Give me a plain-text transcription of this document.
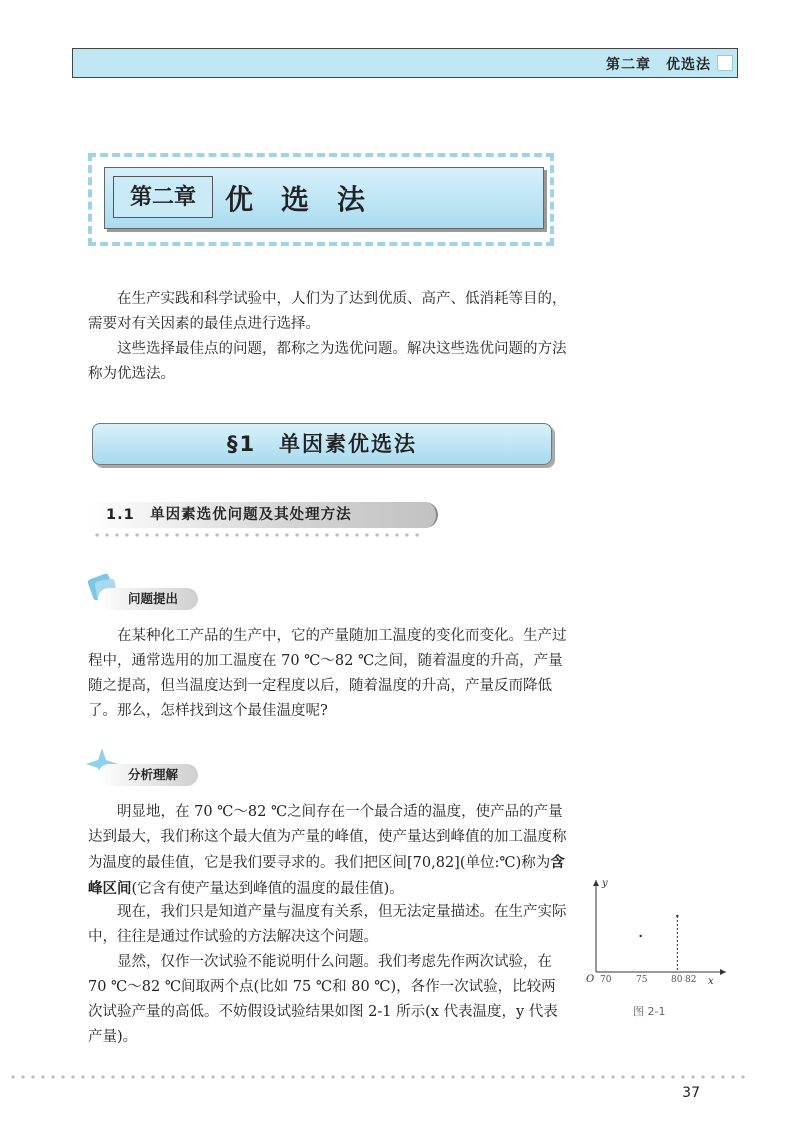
第二章　优选法
第二章	优选法

在生产实践和科学试验中，人们为了达到优质、高产、低消耗等目的，需要对有关因素的最佳点进行选择。

这些选择最佳点的问题，都称之为选优问题。解决这些选优问题的方法称为优选法。

§1　单因素优选法
1.1　单因素选优问题及其处理方法
问题提出

在某种化工产品的生产中，它的产量随加工温度的变化而变化。生产过程中，通常选用的加工温度在 70 ℃～82 ℃之间，随着温度的升高，产量随之提高，但当温度达到一定程度以后，随着温度的升高，产量反而降低了。那么，怎样找到这个最佳温度呢?

分析理解

明显地，在 70 ℃～82 ℃之间存在一个最合适的温度，使产品的产量达到最大，我们称这个最大值为产量的峰值，使产量达到峰值的加工温度称为温度的最佳值，它是我们要寻求的。我们把区间[70,82](单位:℃)称为含峰区间(它含有使产量达到峰值的温度的最佳值)。

现在，我们只是知道产量与温度有关系，但无法定量描述。在生产实际中，往往是通过作试验的方法解决这个问题。

显然，仅作一次试验不能说明什么问题。我们考虑先作两次试验，在 70 ℃～82 ℃间取两个点(比如 75 ℃和 80 ℃)，各作一次试验，比较两次试验产量的高低。不妨假设试验结果如图 2-1 所示(x 代表温度，y 代表产量)。

y
x
O 70	75	80 82
图 2-1
37
